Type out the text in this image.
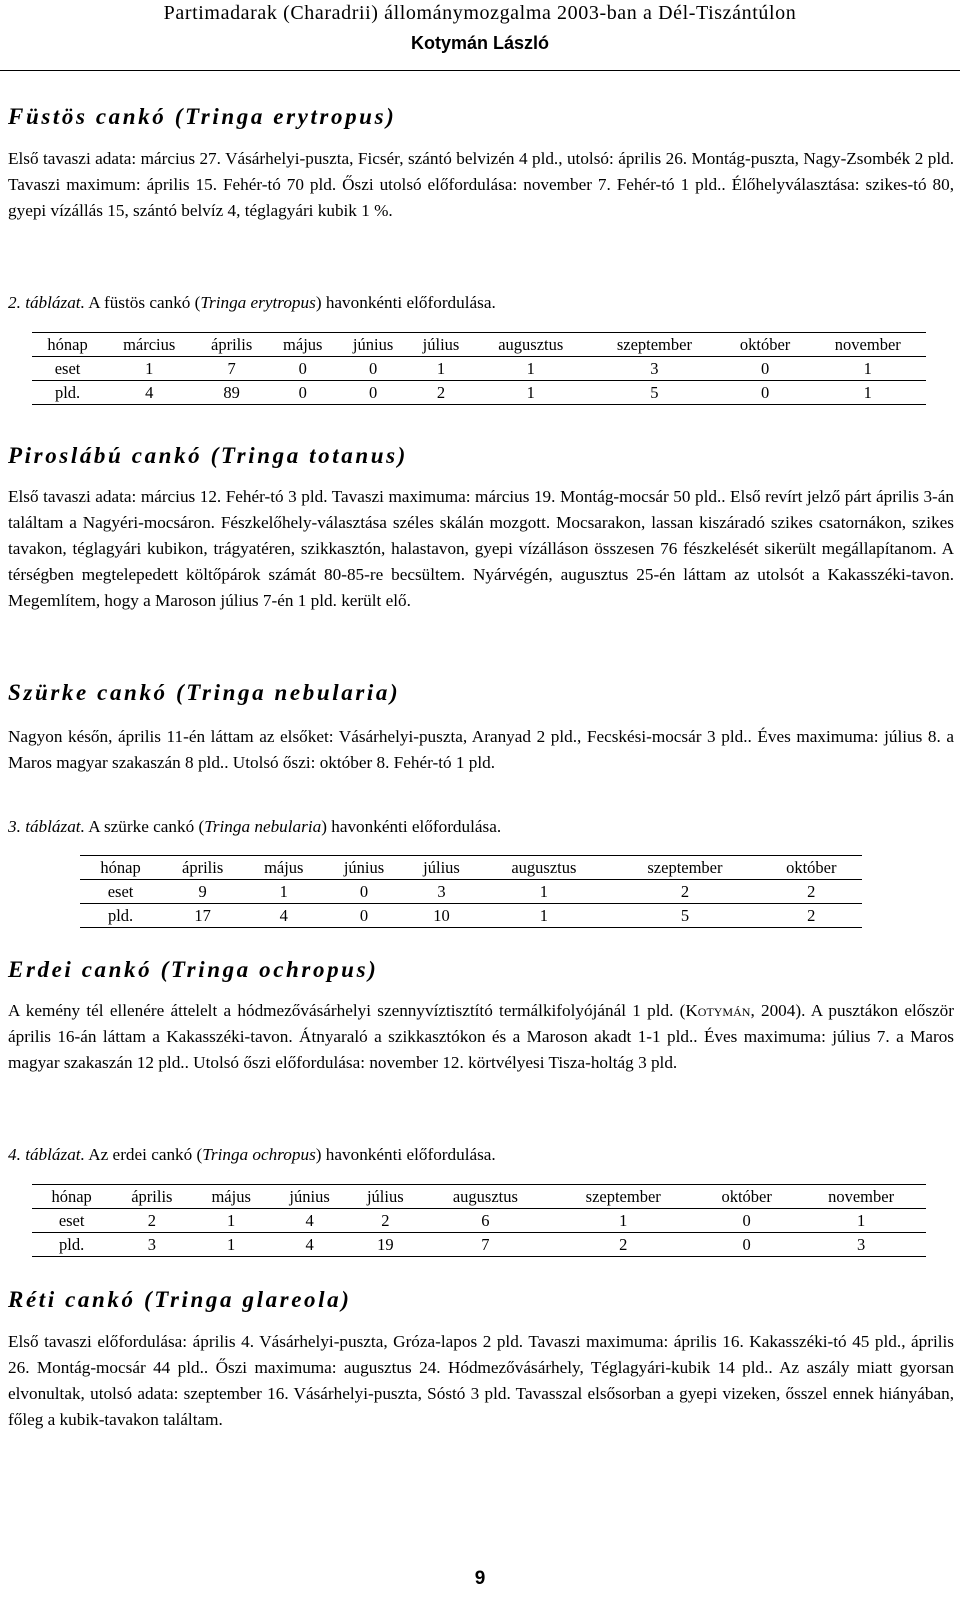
Partimadarak (Charadrii) állománymozgalma 2003-ban a Dél-Tiszántúlon
Kotymán László
Füstös cankó (Tringa erytropus)

Első tavaszi adata: március 27. Vásárhelyi-puszta, Ficsér, szántó belvizén 4 pld., utolsó: április 26. Montág-puszta, Nagy-Zsombék 2 pld. Tavaszi maximum: április 15. Fehér-tó 70 pld. Őszi utolsó előfordulása: november 7. Fehér-tó 1 pld.. Élőhelyválasztása: szikes-tó 80, gyepi vízállás 15, szántó belvíz 4, téglagyári kubik 1 %.

2. táblázat. A füstös cankó (Tringa erytropus) havonkénti előfordulása.

hónap	március	április	május	június	július	augusztus	szeptember	október	november
eset	1	7	0	0	1	1	3	0	1
pld.	4	89	0	0	2	1	5	0	1
Piroslábú cankó (Tringa totanus)

Első tavaszi adata: március 12. Fehér-tó 3 pld. Tavaszi maximuma: március 19. Montág-mocsár 50 pld.. Első revírt jelző párt április 3-án találtam a Nagyéri-mocsáron. Fészkelőhely-választása széles skálán mozgott. Mocsarakon, lassan kiszáradó szikes csatornákon, szikes tavakon, téglagyári kubikon, trágyatéren, szikkasztón, halastavon, gyepi vízálláson összesen 76 fészkelését sikerült megállapítanom. A térségben megtelepedett költőpárok számát 80-85-re becsültem. Nyárvégén, augusztus 25-én láttam az utolsót a Kakasszéki-tavon. Megemlítem, hogy a Maroson július 7-én 1 pld. került elő.

Szürke cankó (Tringa nebularia)

Nagyon későn, április 11-én láttam az elsőket: Vásárhelyi-puszta, Aranyad 2 pld., Fecskési-mocsár 3 pld.. Éves maximuma: július 8. a Maros magyar szakaszán 8 pld.. Utolsó őszi: október 8. Fehér-tó 1 pld.

3. táblázat. A szürke cankó (Tringa nebularia) havonkénti előfordulása.

hónap	április	május	június	július	augusztus	szeptember	október
eset	9	1	0	3	1	2	2
pld.	17	4	0	10	1	5	2
Erdei cankó (Tringa ochropus)

A kemény tél ellenére áttelelt a hódmezővásárhelyi szennyvíztisztító termálkifolyójánál 1 pld. (Kotymán, 2004). A pusztákon először április 16-án láttam a Kakasszéki-tavon. Átnyaraló a szikkasztókon és a Maroson akadt 1-1 pld.. Éves maximuma: július 7. a Maros magyar szakaszán 12 pld.. Utolsó őszi előfordulása: november 12. körtvélyesi Tisza-holtág 3 pld.

4. táblázat. Az erdei cankó (Tringa ochropus) havonkénti előfordulása.

hónap	április	május	június	július	augusztus	szeptember	október	november
eset	2	1	4	2	6	1	0	1
pld.	3	1	4	19	7	2	0	3
Réti cankó (Tringa glareola)

Első tavaszi előfordulása: április 4. Vásárhelyi-puszta, Gróza-lapos 2 pld. Tavaszi maximuma: április 16. Kakasszéki-tó 45 pld., április 26. Montág-mocsár 44 pld.. Őszi maximuma: augusztus 24. Hódmezővásárhely, Téglagyári-kubik 14 pld.. Az aszály miatt gyorsan elvonultak, utolsó adata: szeptember 16. Vásárhelyi-puszta, Sóstó 3 pld. Tavasszal elsősorban a gyepi vizeken, ősszel ennek hiányában, főleg a kubik-tavakon találtam.

9
